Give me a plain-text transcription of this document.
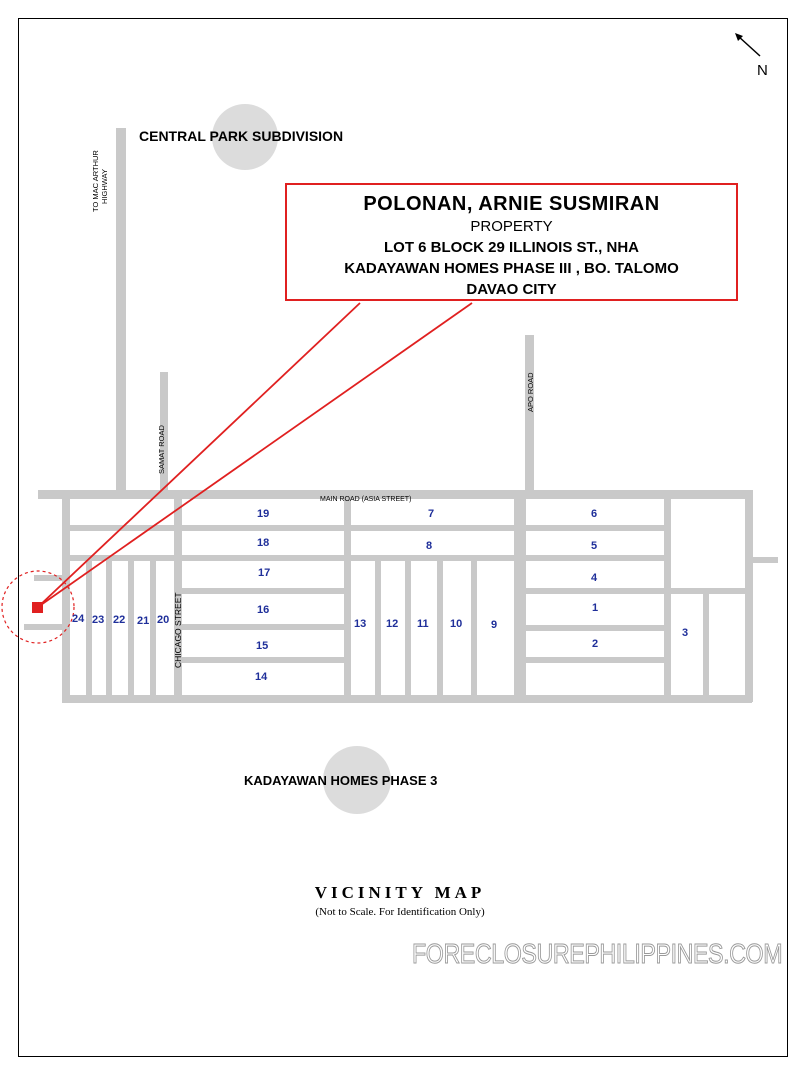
TO MAC ARTHUR HIGHWAY
SAMAT ROAD
APO ROAD
CHICAGO STREET
MAIN ROAD (ASIA STREET)
N
CENTRAL PARK SUBDIVISION
POLONAN, ARNIE SUSMIRAN
PROPERTY
LOT 6 BLOCK 29 ILLINOIS ST., NHA
KADAYAWAN HOMES PHASE III , BO. TALOMO
DAVAO CITY
19
18
17
16
15
14
7
8
6
5
4
1
2
3
13 12 11 10	9
24 23 22 21 20
KADAYAWAN HOMES PHASE 3
VICINITY MAP
(Not to Scale. For Identification Only)
FORECLOSUREPHILIPPINES.COM
